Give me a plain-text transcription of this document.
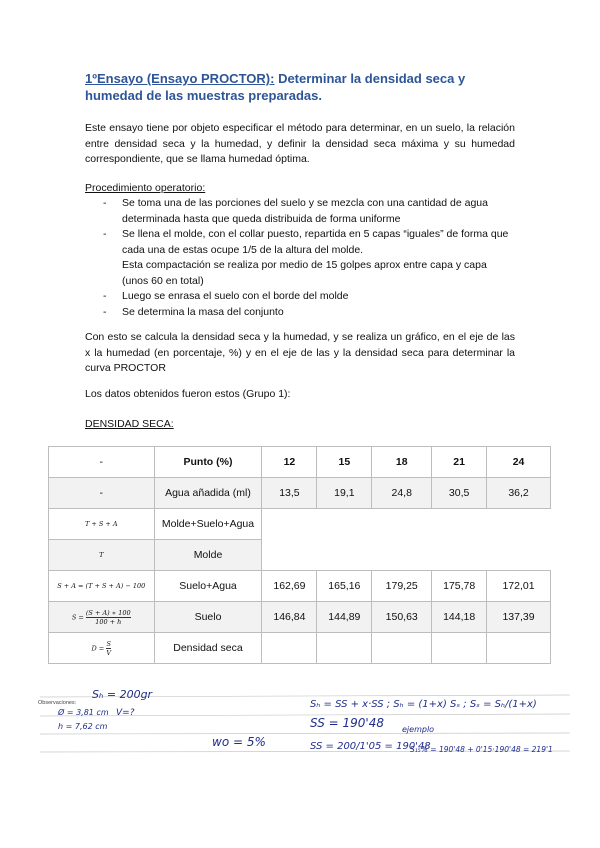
1ºEnsayo (Ensayo PROCTOR): Determinar la densidad seca y humedad de las muestras preparadas.
Este ensayo tiene por objeto especificar el método para determinar, en un suelo, la relación entre densidad seca y la humedad, y definir la densidad seca máxima y su humedad correspondiente, que se llama humedad óptima.
Procedimiento operatorio:
- Se toma una de las porciones del suelo y se mezcla con una cantidad de agua determinada hasta que queda distribuida de forma uniforme
- Se llena el molde, con el collar puesto, repartida en 5 capas “iguales” de forma que cada una de estas ocupe 1/5 de la altura del molde.
Esta compactación se realiza por medio de 15 golpes aprox entre capa y capa (unos 60 en total)
- Luego se enrasa el suelo con el borde del molde
- Se determina la masa del conjunto
Con esto se calcula la densidad seca y la humedad, y se realiza un gráfico, en el eje de las x la humedad (en porcentaje, %) y en el eje de las y la densidad seca para determinar la curva PROCTOR
Los datos obtenidos fueron estos (Grupo 1):
DENSIDAD SECA:
-	Punto (%)	12	15	18	21	24
-	Agua añadida (ml)	13,5	19,1	24,8	30,5	36,2
T + S + A	Molde+Suelo+Agua					
T	Molde					
S + A = (T + S + A) − 100	Suelo+Agua	162,69	165,16	179,25	175,78	172,01
$S = \frac{(S + A) ∗ 100}{100 + h}$	Suelo	146,84	144,89	150,63	144,18	137,39
$D = \frac{S}{V}$	Densidad seca					
Observaciones:
Sₕ = 200gr
Ø = 3,81 cm V=?
h = 7,62 cm
wo = 5%
Sₕ = SS + x·SS ; Sₕ = (1+x) Sₛ ; Sₛ = Sₕ/(1+x)
SS = 190'48 ejemplo
SS = 200/1'05 = 190'48
S₁₅% = 190'48 + 0'15·190'48 = 219'1
